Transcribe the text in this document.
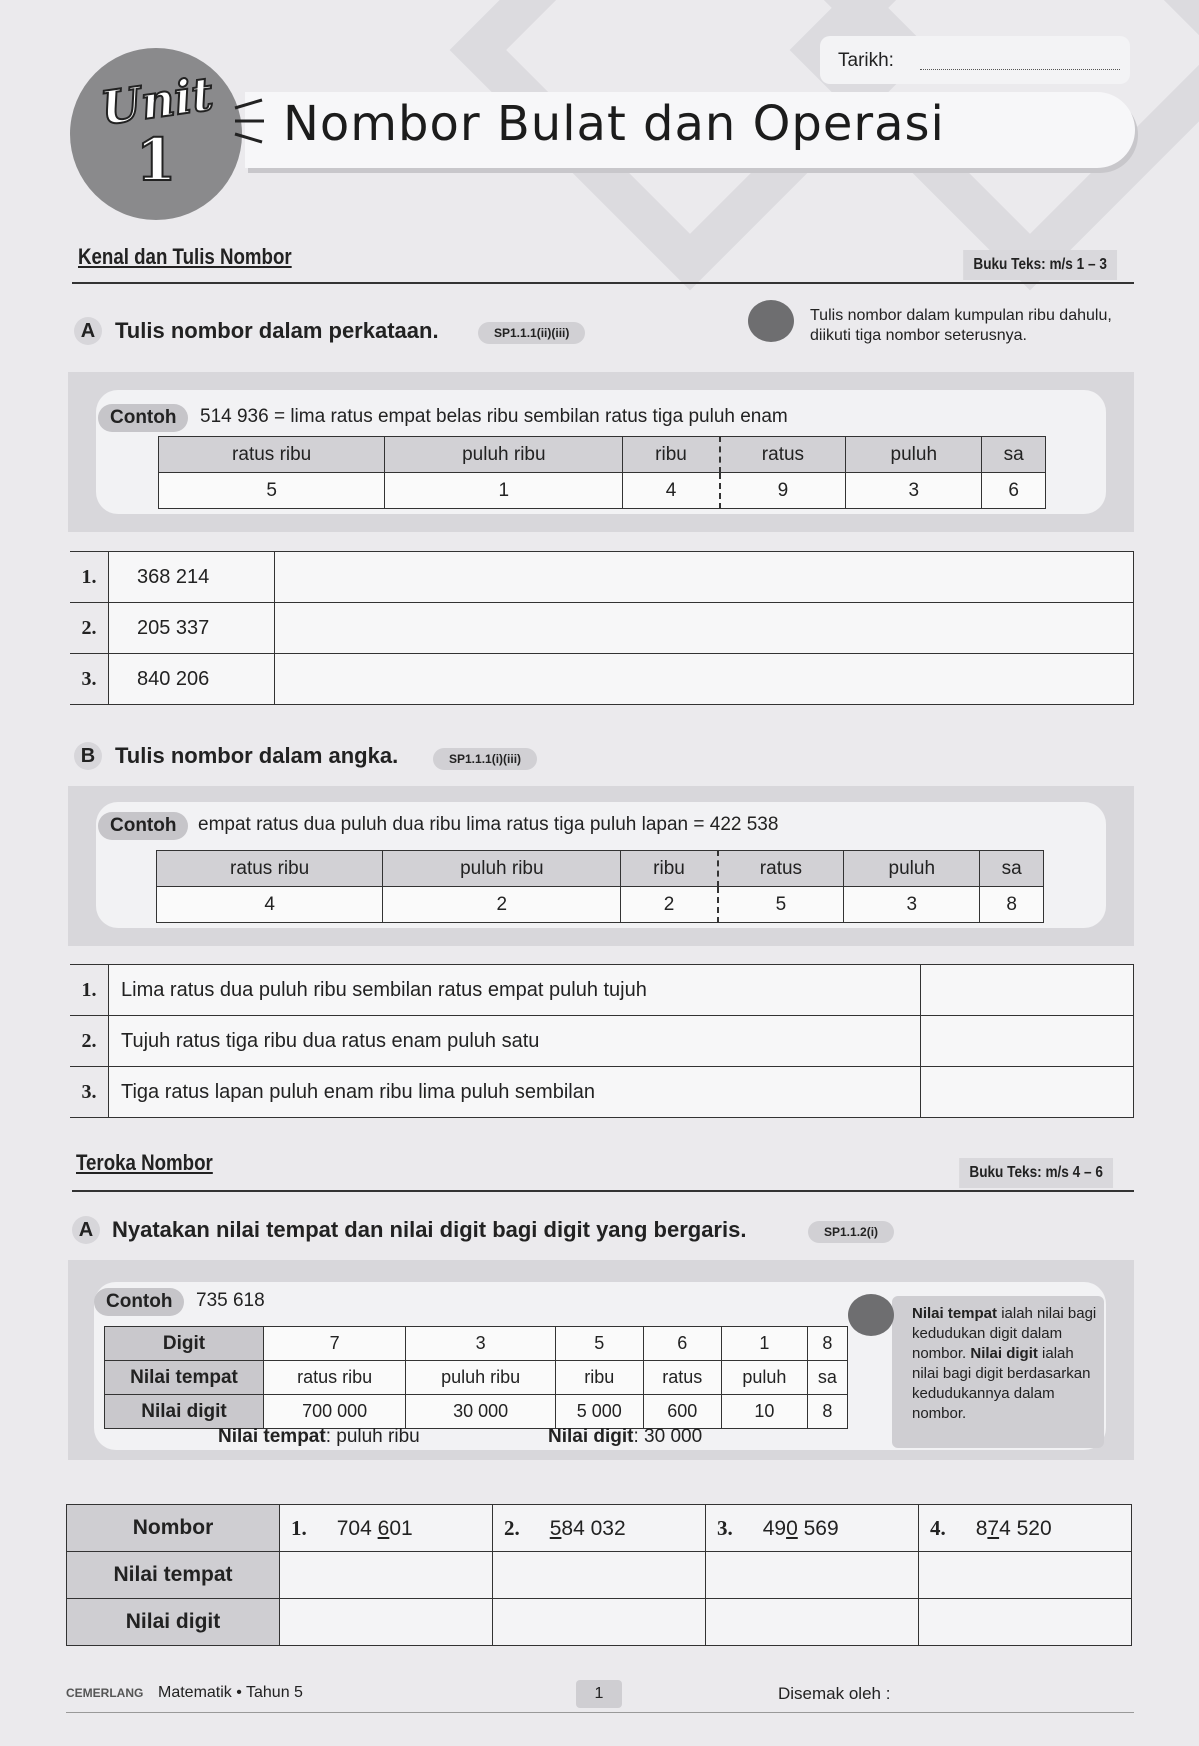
Tarikh:
Nombor Bulat dan Operasi
Unit
1
Kenal dan Tulis Nombor	Buku Teks: m/s 1 – 3
A Tulis nombor dalam perkataan.	SP1.1.1(ii)(iii)
Tulis nombor dalam kumpulan ribu dahulu, diikuti tiga nombor seterusnya.
Contoh	514 936 = lima ratus empat belas ribu sembilan ratus tiga puluh enam
ratus ribu	puluh ribu	ribu	ratus	puluh	sa
5	1	4	9	3	6
1.	368 214	
2.	205 337	
3.	840 206	
B Tulis nombor dalam angka.	SP1.1.1(i)(iii)
Contoh	empat ratus dua puluh dua ribu lima ratus tiga puluh lapan = 422 538
ratus ribu	puluh ribu	ribu	ratus	puluh	sa
4	2	2	5	3	8
1.	Lima ratus dua puluh ribu sembilan ratus empat puluh tujuh	
2.	Tujuh ratus tiga ribu dua ratus enam puluh satu	
3.	Tiga ratus lapan puluh enam ribu lima puluh sembilan	
Teroka Nombor	Buku Teks: m/s 4 – 6
A Nyatakan nilai tempat dan nilai digit bagi digit yang bergaris.	SP1.1.2(i)
Contoh	735 618
Digit	7	3	5	6	1	8
Nilai tempat	ratus ribu	puluh ribu	ribu	ratus	puluh	sa
Nilai digit	700 000	30 000	5 000	600	10	8
Nilai tempat: puluh ribu	Nilai digit: 30 000
Nilai tempat ialah nilai bagi kedudukan digit dalam nombor. Nilai digit ialah nilai bagi digit berdasarkan kedudukannya dalam nombor.
Nombor	1. 704 601	2. 584 032	3. 490 569	4. 874 520
Nilai tempat				
Nilai digit				
CEMERLANG Matematik • Tahun 5	1	Disemak oleh :
